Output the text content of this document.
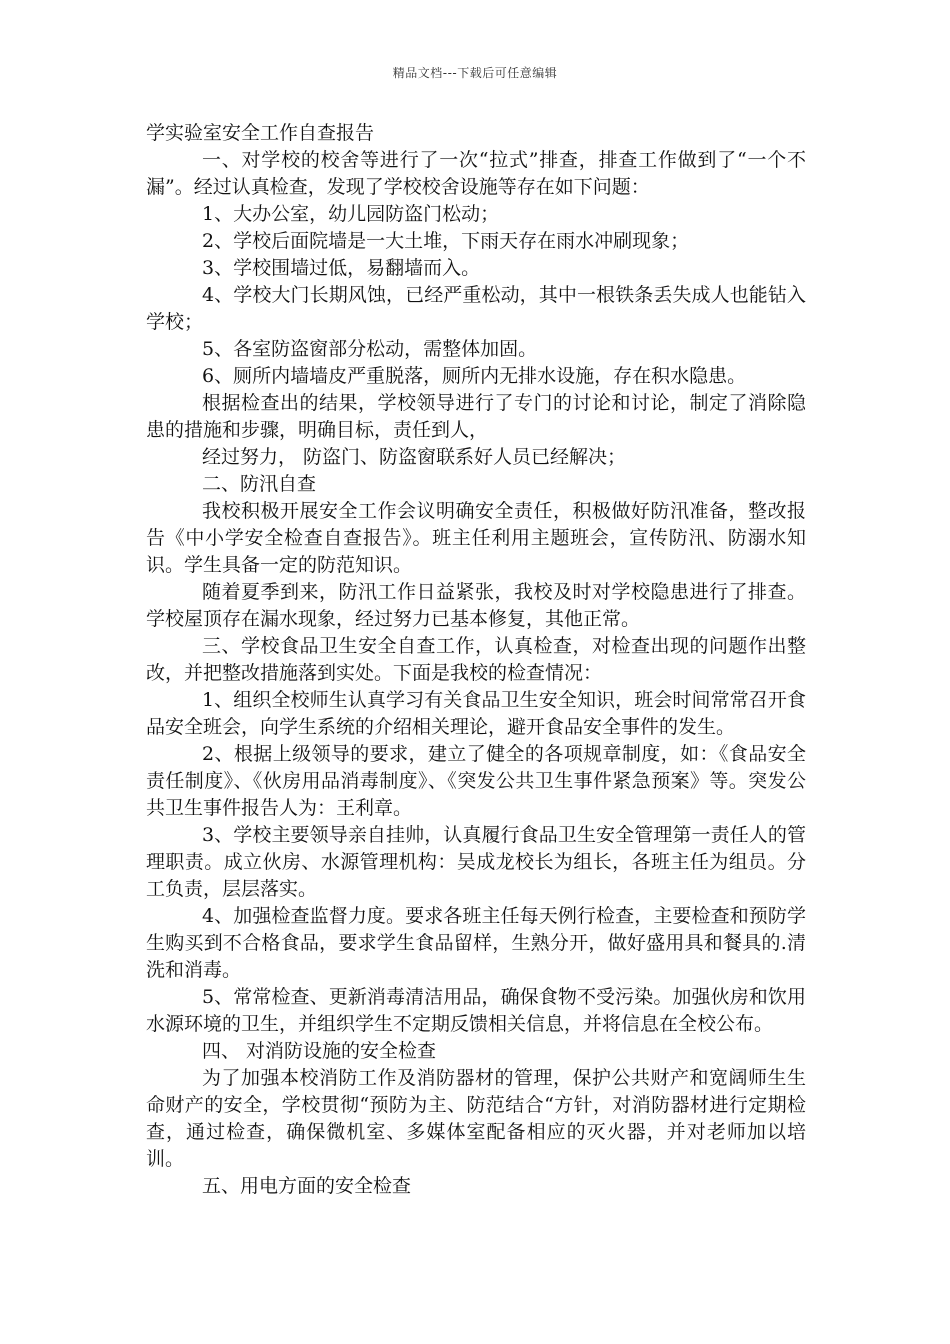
精品文档---下载后可任意编辑
学实验室安全工作自查报告

一、对学校的校舍等进行了一次“拉式”排查，排查工作做到了“一个不漏”。经过认真检查，发现了学校校舍设施等存在如下问题：

1、大办公室，幼儿园防盗门松动；

2、学校后面院墙是一大土堆，下雨天存在雨水冲刷现象；

3、学校围墙过低，易翻墙而入。

4、学校大门长期风蚀，已经严重松动，其中一根铁条丢失成人也能钻入学校；

5、各室防盗窗部分松动，需整体加固。

6、厕所内墙墙皮严重脱落，厕所内无排水设施，存在积水隐患。

根据检查出的结果，学校领导进行了专门的讨论和讨论，制定了消除隐患的措施和步骤，明确目标，责任到人，

经过努力， 防盗门、防盗窗联系好人员已经解决；

二、防汛自查

我校积极开展安全工作会议明确安全责任，积极做好防汛准备，整改报告《中小学安全检查自查报告》。班主任利用主题班会，宣传防汛、防溺水知识。学生具备一定的防范知识。

随着夏季到来，防汛工作日益紧张，我校及时对学校隐患进行了排查。学校屋顶存在漏水现象，经过努力已基本修复，其他正常。

三、学校食品卫生安全自查工作，认真检查，对检查出现的问题作出整改，并把整改措施落到实处。下面是我校的检查情况：

1、组织全校师生认真学习有关食品卫生安全知识，班会时间常常召开食品安全班会，向学生系统的介绍相关理论，避开食品安全事件的发生。

2、根据上级领导的要求，建立了健全的各项规章制度，如：《食品安全责任制度》、《伙房用品消毒制度》、《突发公共卫生事件紧急预案》等。突发公共卫生事件报告人为：王利章。

3、学校主要领导亲自挂帅，认真履行食品卫生安全管理第一责任人的管理职责。成立伙房、水源管理机构：吴成龙校长为组长，各班主任为组员。分工负责，层层落实。

4、加强检查监督力度。要求各班主任每天例行检查，主要检查和预防学生购买到不合格食品，要求学生食品留样，生熟分开，做好盛用具和餐具的.清洗和消毒。

5、常常检查、更新消毒清洁用品，确保食物不受污染。加强伙房和饮用水源环境的卫生，并组织学生不定期反馈相关信息，并将信息在全校公布。

四、 对消防设施的安全检查

为了加强本校消防工作及消防器材的管理，保护公共财产和宽阔师生生命财产的安全，学校贯彻“预防为主、防范结合“方针，对消防器材进行定期检查，通过检查，确保微机室、多媒体室配备相应的灭火器，并对老师加以培训。

五、用电方面的安全检查
